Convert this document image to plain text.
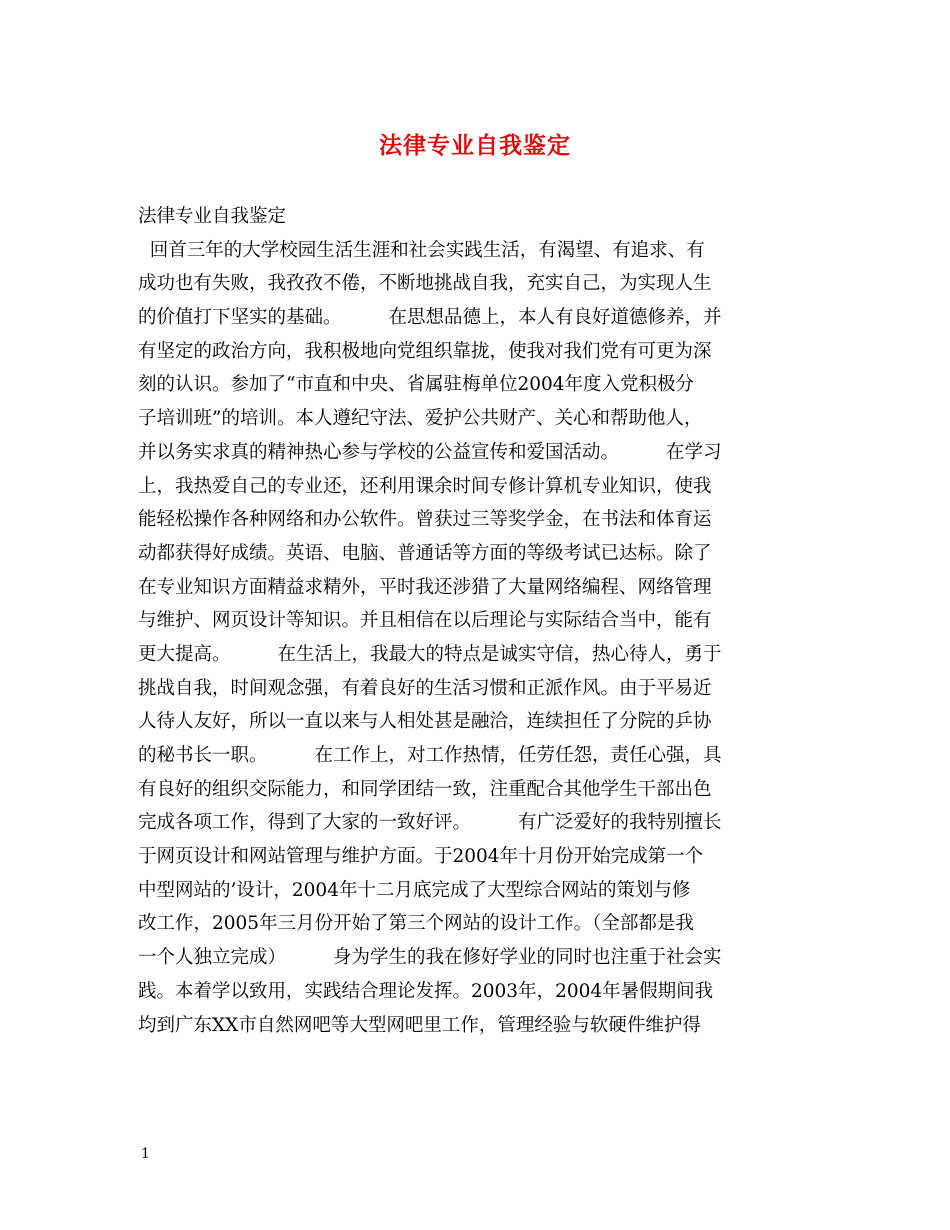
法律专业自我鉴定
法律专业自我鉴定
回首三年的大学校园生活生涯和社会实践生活，有渴望、有追求、有
成功也有失败，我孜孜不倦，不断地挑战自我，充实自己，为实现人生
的价值打下坚实的基础。        在思想品德上，本人有良好道德修养，并
有坚定的政治方向，我积极地向党组织靠拢，使我对我们党有可更为深
刻的认识。参加了“市直和中央、省属驻梅单位2004年度入党积极分
子培训班”的培训。本人遵纪守法、爱护公共财产、关心和帮助他人，
并以务实求真的精神热心参与学校的公益宣传和爱国活动。        在学习
上，我热爱自己的专业还，还利用课余时间专修计算机专业知识，使我
能轻松操作各种网络和办公软件。曾获过三等奖学金，在书法和体育运
动都获得好成绩。英语、电脑、普通话等方面的等级考试已达标。除了
在专业知识方面精益求精外，平时我还涉猎了大量网络编程、网络管理
与维护、网页设计等知识。并且相信在以后理论与实际结合当中，能有
更大提高。        在生活上，我最大的特点是诚实守信，热心待人，勇于
挑战自我，时间观念强，有着良好的生活习惯和正派作风。由于平易近
人待人友好，所以一直以来与人相处甚是融洽，连续担任了分院的乒协
的秘书长一职。        在工作上，对工作热情，任劳任怨，责任心强，具
有良好的组织交际能力，和同学团结一致，注重配合其他学生干部出色
完成各项工作，得到了大家的一致好评。        有广泛爱好的我特别擅长
于网页设计和网站管理与维护方面。于2004年十月份开始完成第一个
中型网站的’设计，2004年十二月底完成了大型综合网站的策划与修
改工作，2005年三月份开始了第三个网站的设计工作。（全部都是我
一个人独立完成）        身为学生的我在修好学业的同时也注重于社会实
践。本着学以致用，实践结合理论发挥。2003年，2004年暑假期间我
均到广东XX市自然网吧等大型网吧里工作，管理经验与软硬件维护得
1
